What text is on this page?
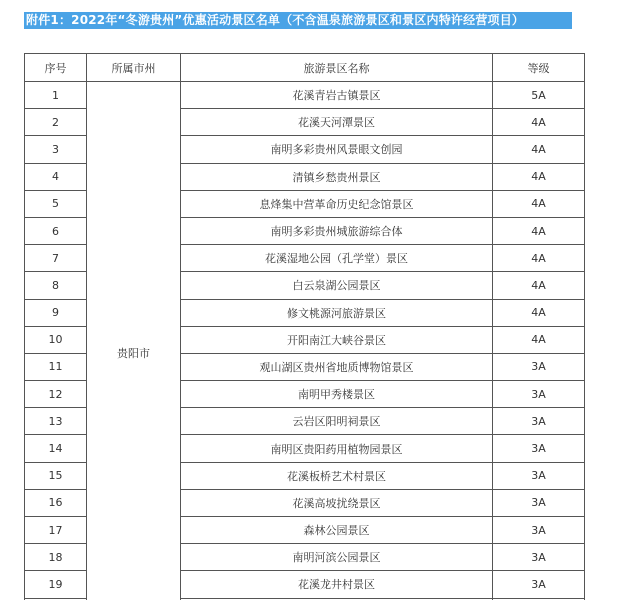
附件1：2022年“冬游贵州”优惠活动景区名单（不含温泉旅游景区和景区内特许经营项目）
序号	所属市州	旅游景区名称	等级
1	贵阳市	花溪青岩古镇景区	5A
2		花溪天河潭景区	4A
3		南明多彩贵州风景眼文创园	4A
4		清镇乡愁贵州景区	4A
5		息烽集中营革命历史纪念馆景区	4A
6		南明多彩贵州城旅游综合体	4A
7		花溪湿地公园（孔学堂）景区	4A
8		白云泉湖公园景区	4A
9		修文桃源河旅游景区	4A
10		开阳南江大峡谷景区	4A
11		观山湖区贵州省地质博物馆景区	3A
12		南明甲秀楼景区	3A
13		云岩区阳明祠景区	3A
14		南明区贵阳药用植物园景区	3A
15		花溪板桥艺术村景区	3A
16		花溪高坡扰绕景区	3A
17		森林公园景区	3A
18		南明河滨公园景区	3A
19		花溪龙井村景区	3A
